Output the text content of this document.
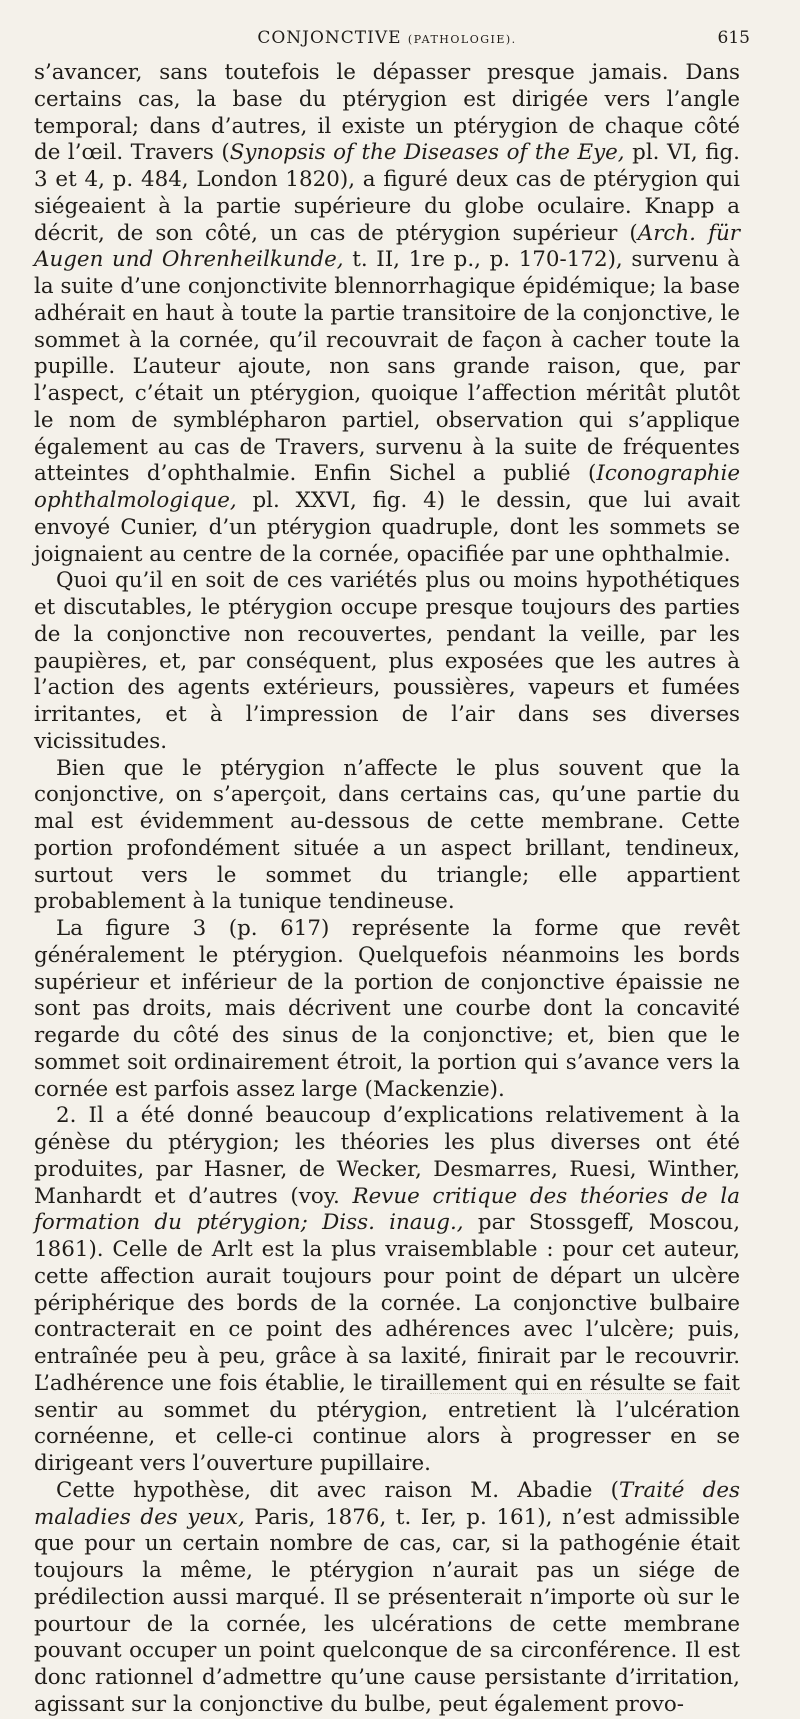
CONJONCTIVE (PATHOLOGIE).	615

s’avancer, sans toutefois le dépasser presque jamais. Dans certains cas, la base du ptérygion est dirigée vers l’angle temporal; dans d’autres, il existe un ptérygion de chaque côté de l’œil. Travers (Synopsis of the Diseases of the Eye, pl. VI, fig. 3 et 4, p. 484, London 1820), a figuré deux cas de ptérygion qui siégeaient à la partie supérieure du globe oculaire. Knapp a décrit, de son côté, un cas de ptérygion supérieur (Arch. für Augen und Ohrenheilkunde, t. II, 1re p., p. 170-172), survenu à la suite d’une conjonctivite blennorrhagique épidémique; la base adhérait en haut à toute la partie transitoire de la conjonctive, le sommet à la cornée, qu’il recouvrait de façon à cacher toute la pupille. L’auteur ajoute, non sans grande raison, que, par l’aspect, c’était un ptérygion, quoique l’affection méritât plutôt le nom de symblépharon partiel, observation qui s’applique également au cas de Travers, survenu à la suite de fréquentes atteintes d’ophthalmie. Enfin Sichel a publié (Iconographie ophthalmologique, pl. XXVI, fig. 4) le dessin, que lui avait envoyé Cunier, d’un ptérygion quadruple, dont les sommets se joignaient au centre de la cornée, opacifiée par une ophthalmie.

Quoi qu’il en soit de ces variétés plus ou moins hypothétiques et discutables, le ptérygion occupe presque toujours des parties de la conjonctive non recouvertes, pendant la veille, par les paupières, et, par conséquent, plus exposées que les autres à l’action des agents extérieurs, poussières, vapeurs et fumées irritantes, et à l’impression de l’air dans ses diverses vicissitudes.

Bien que le ptérygion n’affecte le plus souvent que la conjonctive, on s’aperçoit, dans certains cas, qu’une partie du mal est évidemment au-dessous de cette membrane. Cette portion profondément située a un aspect brillant, tendineux, surtout vers le sommet du triangle; elle appartient probablement à la tunique tendineuse.

La figure 3 (p. 617) représente la forme que revêt généralement le ptérygion. Quelquefois néanmoins les bords supérieur et inférieur de la portion de conjonctive épaissie ne sont pas droits, mais décrivent une courbe dont la concavité regarde du côté des sinus de la conjonctive; et, bien que le sommet soit ordinairement étroit, la portion qui s’avance vers la cornée est parfois assez large (Mackenzie).

2. Il a été donné beaucoup d’explications relativement à la génèse du ptérygion; les théories les plus diverses ont été produites, par Hasner, de Wecker, Desmarres, Ruesi, Winther, Manhardt et d’autres (voy. Revue critique des théories de la formation du ptérygion; Diss. inaug., par Stossgeff, Moscou, 1861). Celle de Arlt est la plus vraisemblable : pour cet auteur, cette affection aurait toujours pour point de départ un ulcère périphérique des bords de la cornée. La conjonctive bulbaire contracterait en ce point des adhérences avec l’ulcère; puis, entraînée peu à peu, grâce à sa laxité, finirait par le recouvrir. L’adhérence une fois établie, le tiraillement qui en résulte se fait sentir au sommet du ptérygion, entretient là l’ulcération cornéenne, et celle-ci continue alors à progresser en se dirigeant vers l’ouverture pupillaire.

Cette hypothèse, dit avec raison M. Abadie (Traité des maladies des yeux, Paris, 1876, t. Ier, p. 161), n’est admissible que pour un certain nombre de cas, car, si la pathogénie était toujours la même, le ptérygion n’aurait pas un siége de prédilection aussi marqué. Il se présenterait n’importe où sur le pourtour de la cornée, les ulcérations de cette membrane pouvant occuper un point quelconque de sa circonférence. Il est donc rationnel d’admettre qu’une cause persistante d’irritation, agissant sur la conjonctive du bulbe, peut également provo-
